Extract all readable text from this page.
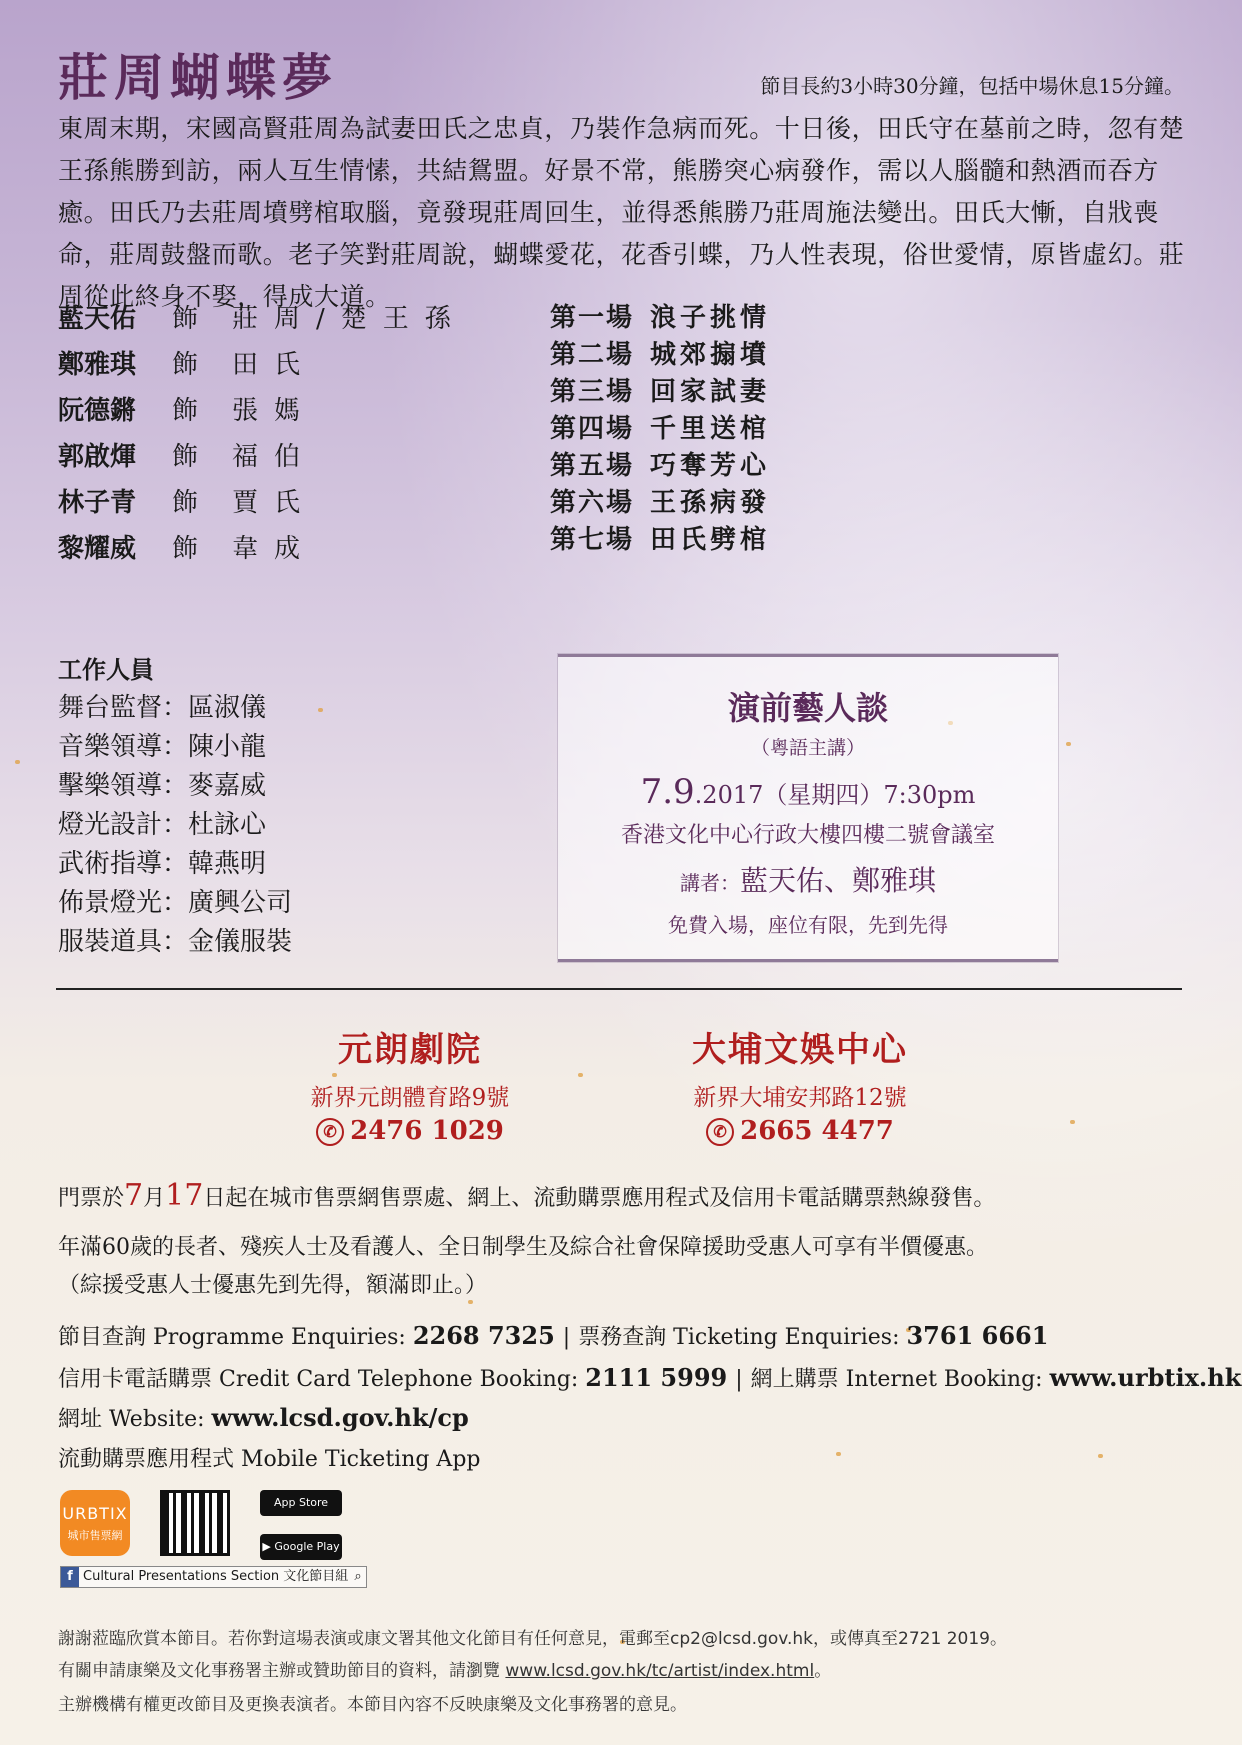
莊周蝴蝶夢	節目長約3小時30分鐘，包括中場休息15分鐘。
東周末期，宋國高賢莊周為試妻田氏之忠貞，乃裝作急病而死。十日後，田氏守在墓前之時，忽有楚王孫熊勝到訪，兩人互生情愫，共結鴛盟。好景不常，熊勝突心病發作，需以人腦髓和熱酒而吞方癒。田氏乃去莊周墳劈棺取腦，竟發現莊周回生，並得悉熊勝乃莊周施法變出。田氏大慚，自戕喪命，莊周鼓盤而歌。老子笑對莊周說，蝴蝶愛花，花香引蝶，乃人性表現，俗世愛情，原皆虛幻。莊周從此終身不娶，得成大道。
藍天佑 飾 莊周/楚王孫
鄭雅琪 飾 田氏
阮德鏘 飾 張媽
郭啟煇 飾 福伯
林子青 飾 賈氏
黎耀威 飾 韋成
第一場 浪子挑情
第二場 城郊搧墳
第三場 回家試妻
第四場 千里送棺
第五場 巧奪芳心
第六場 王孫病發
第七場 田氏劈棺
工作人員
舞台監督：區淑儀
音樂領導：陳小龍
擊樂領導：麥嘉威
燈光設計：杜詠心
武術指導：韓燕明
佈景燈光：廣興公司
服裝道具：金儀服裝
演前藝人談
（粵語主講）
7.9.2017（星期四）7:30pm
香港文化中心行政大樓四樓二號會議室
講者：藍天佑、鄭雅琪
免費入場，座位有限，先到先得
元朗劇院
新界元朗體育路9號
✆ 2476 1029
大埔文娛中心
新界大埔安邦路12號
✆ 2665 4477
門票於7月17日起在城市售票網售票處、網上、流動購票應用程式及信用卡電話購票熱線發售。
年滿60歲的長者、殘疾人士及看護人、全日制學生及綜合社會保障援助受惠人可享有半價優惠。
（綜援受惠人士優惠先到先得，額滿即止。）
節目查詢 Programme Enquiries: 2268 7325 | 票務查詢 Ticketing Enquiries: 3761 6661
信用卡電話購票 Credit Card Telephone Booking: 2111 5999 | 網上購票 Internet Booking: www.urbtix.hk
網址 Website: www.lcsd.gov.hk/cp
流動購票應用程式 Mobile Ticketing App
URBTIX
城市售票網
App Store
▶ Google Play
f Cultural Presentations Section 文化節目組 ⌕
謝謝蒞臨欣賞本節目。若你對這場表演或康文署其他文化節目有任何意見，電郵至cp2@lcsd.gov.hk，或傳真至2721 2019。
有關申請康樂及文化事務署主辦或贊助節目的資料，請瀏覽 www.lcsd.gov.hk/tc/artist/index.html。
主辦機構有權更改節目及更換表演者。本節目內容不反映康樂及文化事務署的意見。
